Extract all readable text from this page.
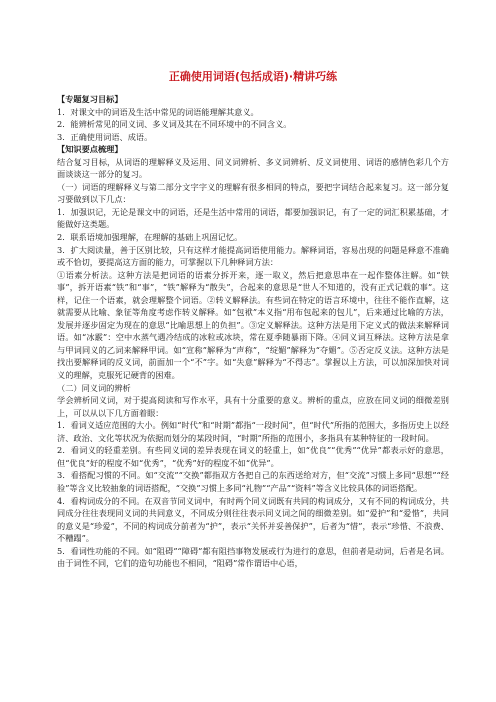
正确使用词语(包括成语)·精讲巧练

【专题复习目标】

1．对课文中的词语及生活中常见的词语能理解其意义。

2．能辨析常见的同义词、多义词及其在不同环境中的不同含义。

3．正确使用词语、成语。

【知识要点梳理】

结合复习目标，从词语的理解释义及运用、同义词辨析、多义词辨析、反义词使用、词语的感情色彩几个方面谈谈这一部分的复习。

（一）词语的理解释义与第二部分文字字义的理解有很多相同的特点，要把字词结合起来复习。这一部分复习要做到以下几点：

1．加强识记，无论是课文中的词语，还是生活中常用的词语，都要加强识记，有了一定的词汇积累基础，才能做好这类题。

2．联系语境加强理解，在理解的基础上巩固记忆。

3．扩大阅读量，善于区别比较，只有这样才能提高词语使用能力。解释词语，容易出现的问题是释意不准确或不恰切，要提高这方面的能力，可掌握以下几种释词方法：

①语素分析法。这种方法是把词语的语素分拆开来，逐一取义，然后把意思串在一起作整体注解。如“铁事”，拆开语素“铁”和“事”，“铁”解释为“散失”，合起来的意思是“世人不知道的，没有正式记载的事”。这样，记住一个语素，就会理解整个词语。②转义解释法。有些词在特定的语言环境中，往往不能作直解，这就需要从比喻、象征等角度考虑作转义解释。如“包袱”本义指“用布包起来的包儿”，后来通过比喻的方法，发展并逐步固定为现在的意思“比喻思想上的负担”。③定义解释法。这种方法是用下定义式的做法来解释词语。如“冰霰”：空中水蒸气遇冷结成的冰粒或冰块，常在夏季随暴雨下降。④同义词互释法。这种方法是拿与甲词同义的乙词来解释甲词。如“宣称”解释为“声称”，“绽媚”解释为“夺媚”。⑤否定反义法。这种方法是找出要解释词的反义词，前面加一个“不”字。如“失意”解释为“不得志”。掌握以上方法，可以加深加快对词义的理解，克服死记硬背的困难。

（二）同义词的辨析

学会辨析同义词，对于提高阅读和写作水平，具有十分重要的意义。辨析的重点，应放在同义词的细微差别上，可以从以下几方面着眼：

1．看词义适应范围的大小。例如“时代”和“时期”都指“一段时间”，但“时代”所指的范围大，多指历史上以经济、政治、文化等状况为依据而划分的某段时间，“时期”所指的范围小，多指具有某种特征的一段时间。

2．看词义的轻重差别。有些同义词的差异表现在词义的轻重上，如“优良”“优秀”“优异”都表示好的意思，但“优良”好的程度不如“优秀”，“优秀”好的程度不如“优异”。

3．看搭配习惯的不同。如“交流”“交换”都指双方各把自己的东西送给对方，但“交流”习惯上多同“思想”“经验”等含义比较抽象的词语搭配，“交换”习惯上多同“礼物”“产品”“资料”等含义比较具体的词语搭配。

4．看构词成分的不同。在双音节同义词中，有时两个同义词既有共同的构词成分，又有不同的构词成分，共同成分往往表现同义词的共同意义，不同成分则往往表示同义词之间的细微差别。如“爱护”和“爱惜”，共同的意义是“珍爱”，不同的构词成分前者为“护”，表示“关怀并妥善保护”，后者为“惜”，表示“珍惜、不浪费、不糟蹋”。

5．看词性功能的不同。如“阻碍”“障碍”都有阻挡事物发展或行为进行的意思，但前者是动词，后者是名词。由于词性不同，它们的造句功能也不相同，“阻碍”常作谓语中心语，
